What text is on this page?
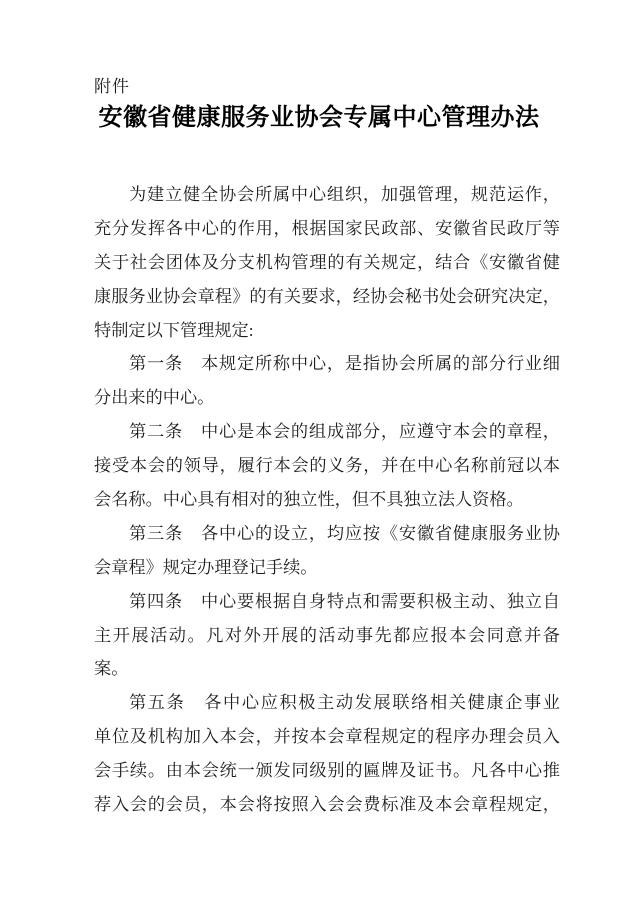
附件
安徽省健康服务业协会专属中心管理办法
为建立健全协会所属中心组织，加强管理，规范运作，
充分发挥各中心的作用，根据国家民政部、安徽省民政厅等
关于社会团体及分支机构管理的有关规定，结合《安徽省健
康服务业协会章程》的有关要求，经协会秘书处会研究决定，
特制定以下管理规定:
第一条　本规定所称中心，是指协会所属的部分行业细
分出来的中心。
第二条　中心是本会的组成部分，应遵守本会的章程，
接受本会的领导，履行本会的义务，并在中心名称前冠以本
会名称。中心具有相对的独立性，但不具独立法人资格。
第三条　各中心的设立，均应按《安徽省健康服务业协
会章程》规定办理登记手续。
第四条　中心要根据自身特点和需要积极主动、独立自
主开展活动。凡对外开展的活动事先都应报本会同意并备
案。
第五条　各中心应积极主动发展联络相关健康企事业
单位及机构加入本会，并按本会章程规定的程序办理会员入
会手续。由本会统一颁发同级别的匾牌及证书。凡各中心推
荐入会的会员，本会将按照入会会费标准及本会章程规定，
